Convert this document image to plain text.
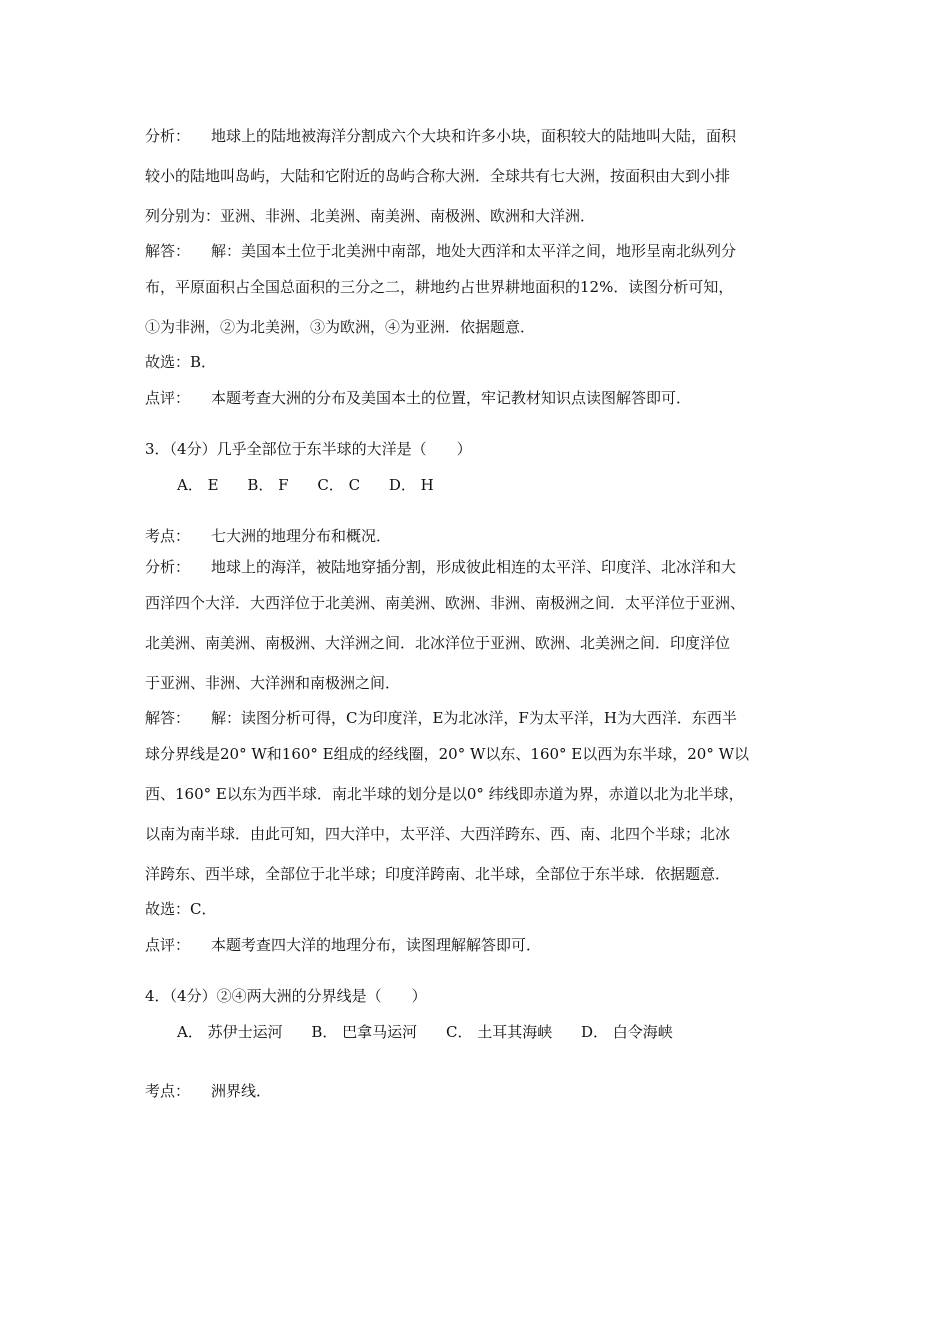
分析：	地球上的陆地被海洋分割成六个大块和许多小块，面积较大的陆地叫大陆，面积
较小的陆地叫岛屿，大陆和它附近的岛屿合称大洲．全球共有七大洲，按面积由大到小排
列分别为：亚洲、非洲、北美洲、南美洲、南极洲、欧洲和大洋洲．
解答：	解：美国本土位于北美洲中南部，地处大西洋和太平洋之间，地形呈南北纵列分
布，平原面积占全国总面积的三分之二，耕地约占世界耕地面积的12%．读图分析可知，
①为非洲，②为北美洲，③为欧洲，④为亚洲．依据题意．
故选：B．
点评：	本题考查大洲的分布及美国本土的位置，牢记教材知识点读图解答即可．
3．（4分）几乎全部位于东半球的大洋是（　　）
A． E B． F C． C D． H
考点：	七大洲的地理分布和概况．
分析：	地球上的海洋，被陆地穿插分割，形成彼此相连的太平洋、印度洋、北冰洋和大
西洋四个大洋．大西洋位于北美洲、南美洲、欧洲、非洲、南极洲之间．太平洋位于亚洲、
北美洲、南美洲、南极洲、大洋洲之间．北冰洋位于亚洲、欧洲、北美洲之间．印度洋位
于亚洲、非洲、大洋洲和南极洲之间．
解答：	解：读图分析可得，C为印度洋，E为北冰洋，F为太平洋，H为大西洋．东西半
球分界线是20° W和160° E组成的经线圈，20° W以东、160° E以西为东半球，20° W以
西、160° E以东为西半球．南北半球的划分是以0° 纬线即赤道为界，赤道以北为北半球，
以南为南半球．由此可知，四大洋中，太平洋、大西洋跨东、西、南、北四个半球；北冰
洋跨东、西半球，全部位于北半球；印度洋跨南、北半球，全部位于东半球．依据题意．
故选：C．
点评：	本题考查四大洋的地理分布，读图理解解答即可．
4．（4分）②④两大洲的分界线是（　　）
A． 苏伊士运河 B． 巴拿马运河 C． 土耳其海峡 D． 白令海峡
考点：	洲界线．
